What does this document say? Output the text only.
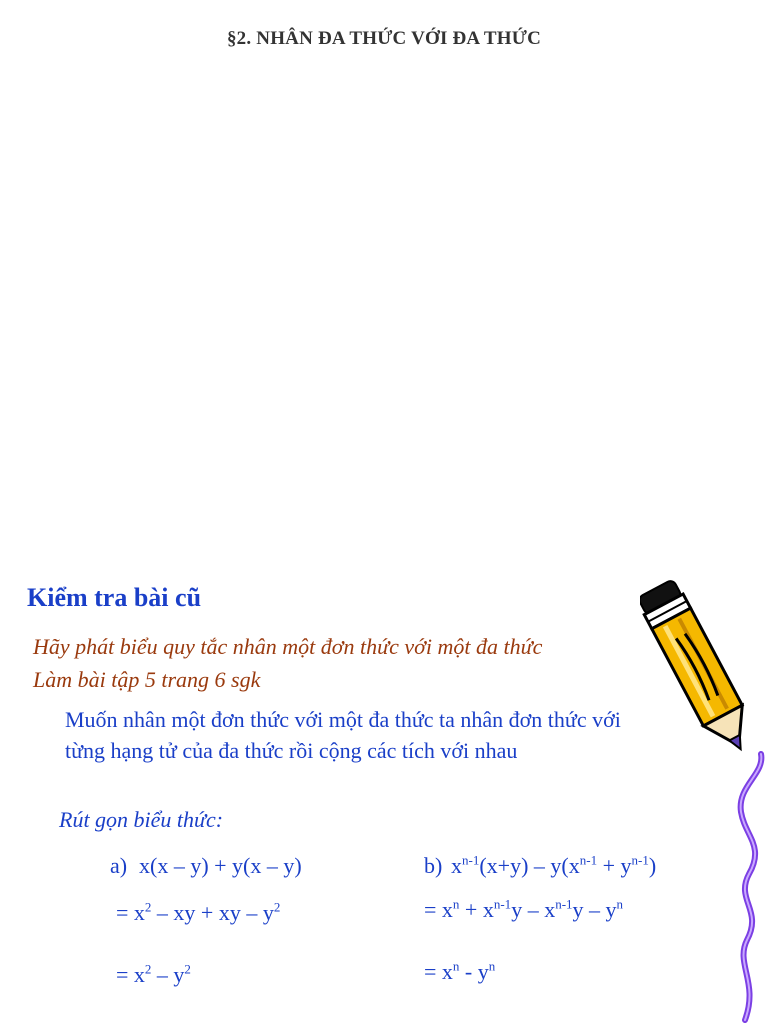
§2. NHÂN ĐA THỨC VỚI ĐA THỨC
Kiểm tra bài cũ
Hãy phát biểu quy tắc nhân một đơn thức với một đa thức
Làm bài tập 5 trang 6 sgk
Muốn nhân một đơn thức với một đa thức ta nhân đơn thức với từng hạng tử của đa thức rồi cộng các tích với nhau
Rút gọn biểu thức:
a) x(x – y) + y(x – y)
= $x^2$ – xy + xy – $y^2$
= $x^2 - y^2$
b) $x^{n-1}(x+y) - y(x^{n-1} + y^{n-1})$
= $x^n + x^{n-1}y - x^{n-1}y - y^n$
= $x^n - y^n$
